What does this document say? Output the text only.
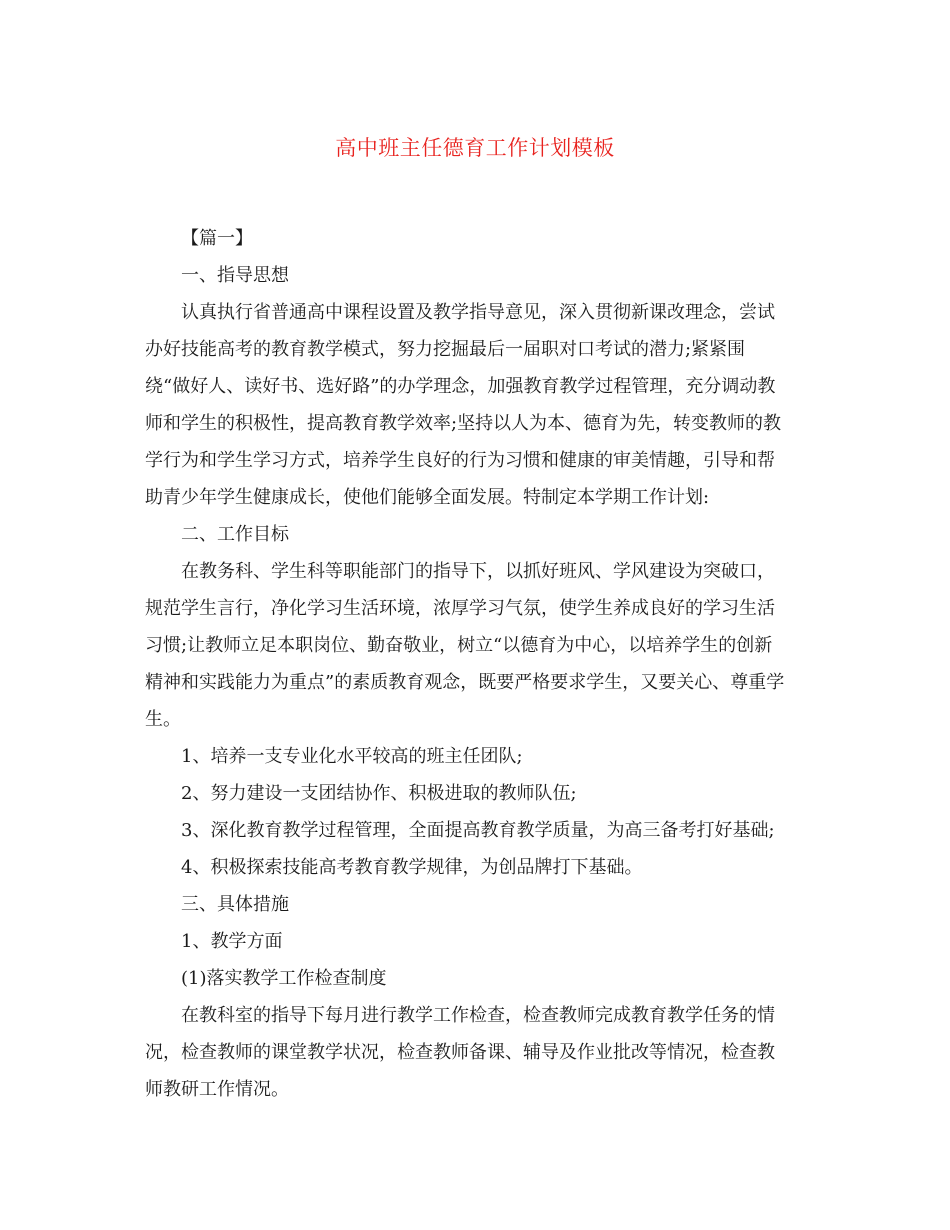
高中班主任德育工作计划模板
【篇一】
一、指导思想
认真执行省普通高中课程设置及教学指导意见，深入贯彻新课改理念，尝试
办好技能高考的教育教学模式，努力挖掘最后一届职对口考试的潜力;紧紧围
绕“做好人、读好书、选好路”的办学理念，加强教育教学过程管理，充分调动教
师和学生的积极性，提高教育教学效率;坚持以人为本、德育为先，转变教师的教
学行为和学生学习方式，培养学生良好的行为习惯和健康的审美情趣，引导和帮
助青少年学生健康成长，使他们能够全面发展。特制定本学期工作计划:
二、工作目标
在教务科、学生科等职能部门的指导下，以抓好班风、学风建设为突破口，
规范学生言行，净化学习生活环境，浓厚学习气氛，使学生养成良好的学习生活
习惯;让教师立足本职岗位、勤奋敬业，树立“以德育为中心，以培养学生的创新
精神和实践能力为重点”的素质教育观念，既要严格要求学生，又要关心、尊重学
生。
1、培养一支专业化水平较高的班主任团队;
2、努力建设一支团结协作、积极进取的教师队伍;
3、深化教育教学过程管理，全面提高教育教学质量，为高三备考打好基础;
4、积极探索技能高考教育教学规律，为创品牌打下基础。
三、具体措施
1、教学方面
(1)落实教学工作检查制度
在教科室的指导下每月进行教学工作检查，检查教师完成教育教学任务的情
况，检查教师的课堂教学状况，检查教师备课、辅导及作业批改等情况，检查教
师教研工作情况。
